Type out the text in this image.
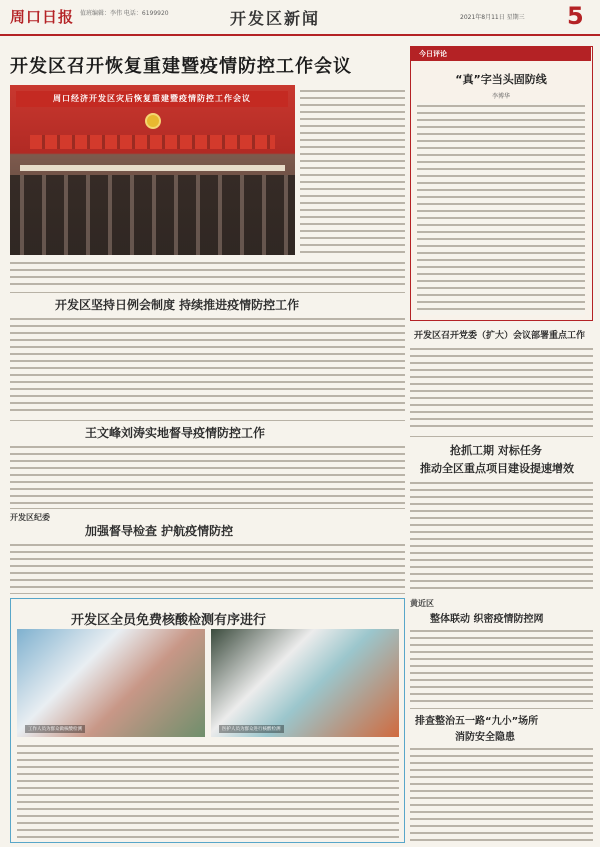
周口日报 值班编辑：李伟 电话：6199920	开发区新闻	2021年8月11日 星期三 5
开发区召开恢复重建暨疫情防控工作会议
周口经济开发区灾后恢复重建暨疫情防控工作会议
开发区坚持日例会制度 持续推进疫情防控工作
王文峰刘涛实地督导疫情防控工作
开发区纪委
加强督导检查 护航疫情防控
开发区全员免费核酸检测有序进行
工作人员为群众做核酸检测	医护人员为群众进行核酸检测
今日评论
“真”字当头固防线
李博华
开发区召开党委（扩大）会议部署重点工作
抢抓工期 对标任务
推动全区重点项目建设提速增效
黄近区
整体联动 织密疫情防控网
排查整治五一路“九小”场所
消防安全隐患
